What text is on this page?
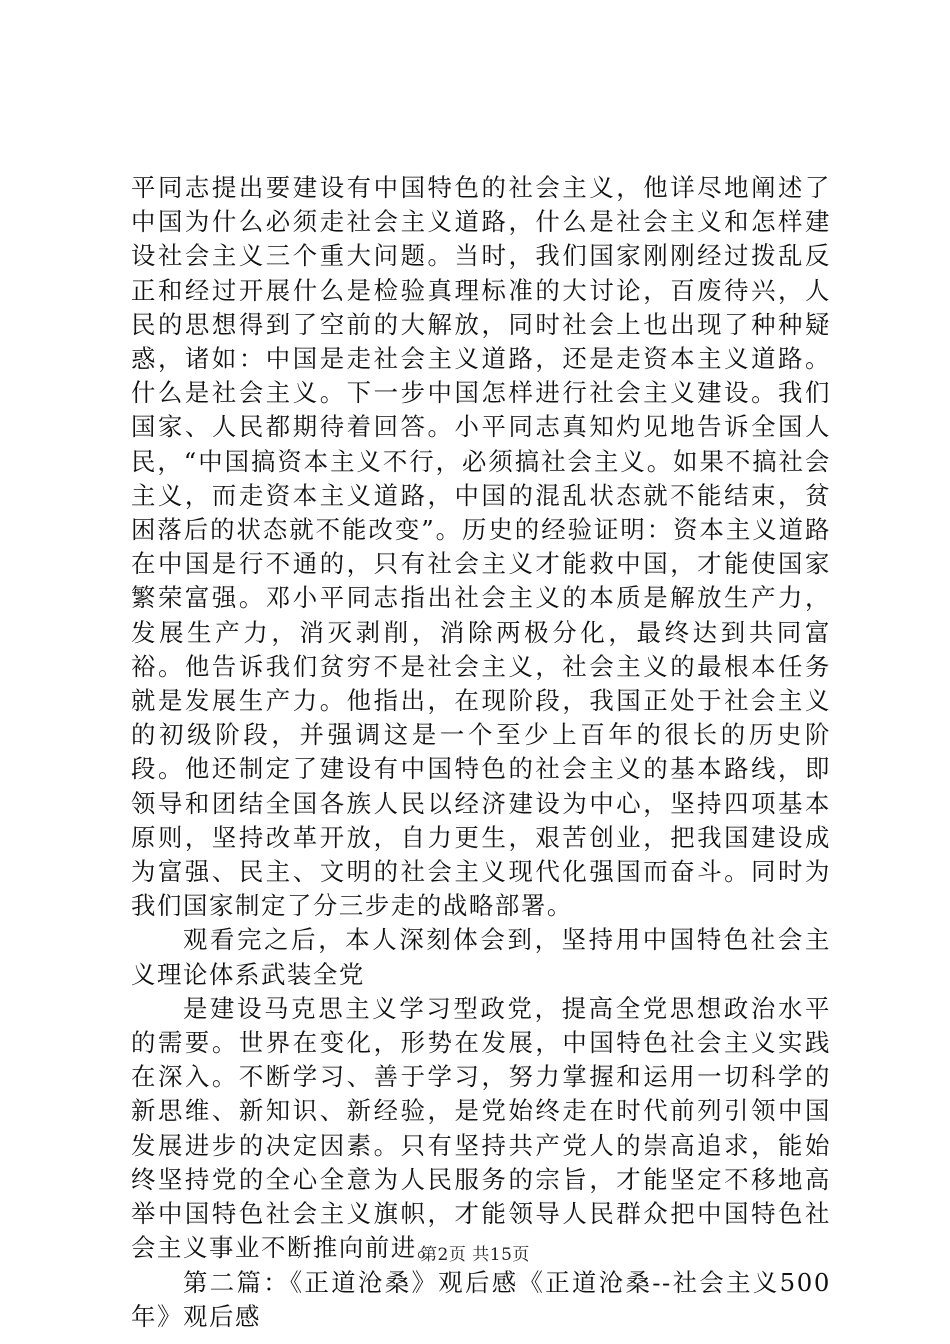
平同志提出要建设有中国特色的社会主义，他详尽地阐述了中国为什么必须走社会主义道路，什么是社会主义和怎样建设社会主义三个重大问题。当时，我们国家刚刚经过拨乱反正和经过开展什么是检验真理标准的大讨论，百废待兴，人民的思想得到了空前的大解放，同时社会上也出现了种种疑惑，诸如：中国是走社会主义道路，还是走资本主义道路。什么是社会主义。下一步中国怎样进行社会主义建设。我们国家、人民都期待着回答。小平同志真知灼见地告诉全国人民，“中国搞资本主义不行，必须搞社会主义。如果不搞社会主义，而走资本主义道路，中国的混乱状态就不能结束，贫困落后的状态就不能改变”。历史的经验证明：资本主义道路在中国是行不通的，只有社会主义才能救中国，才能使国家繁荣富强。邓小平同志指出社会主义的本质是解放生产力，发展生产力，消灭剥削，消除两极分化，最终达到共同富裕。他告诉我们贫穷不是社会主义，社会主义的最根本任务就是发展生产力。他指出，在现阶段，我国正处于社会主义的初级阶段，并强调这是一个至少上百年的很长的历史阶段。他还制定了建设有中国特色的社会主义的基本路线，即领导和团结全国各族人民以经济建设为中心，坚持四项基本原则，坚持改革开放，自力更生，艰苦创业，把我国建设成为富强、民主、文明的社会主义现代化强国而奋斗。同时为我们国家制定了分三步走的战略部署。

观看完之后，本人深刻体会到，坚持用中国特色社会主义理论体系武装全党

是建设马克思主义学习型政党，提高全党思想政治水平的需要。世界在变化，形势在发展，中国特色社会主义实践在深入。不断学习、善于学习，努力掌握和运用一切科学的新思维、新知识、新经验，是党始终走在时代前列引领中国发展进步的决定因素。只有坚持共产党人的崇高追求，能始终坚持党的全心全意为人民服务的宗旨，才能坚定不移地高举中国特色社会主义旗帜，才能领导人民群众把中国特色社会主义事业不断推向前进。

第二篇：《正道沧桑》观后感《正道沧桑--社会主义500年》观后感

第2页 共15页
